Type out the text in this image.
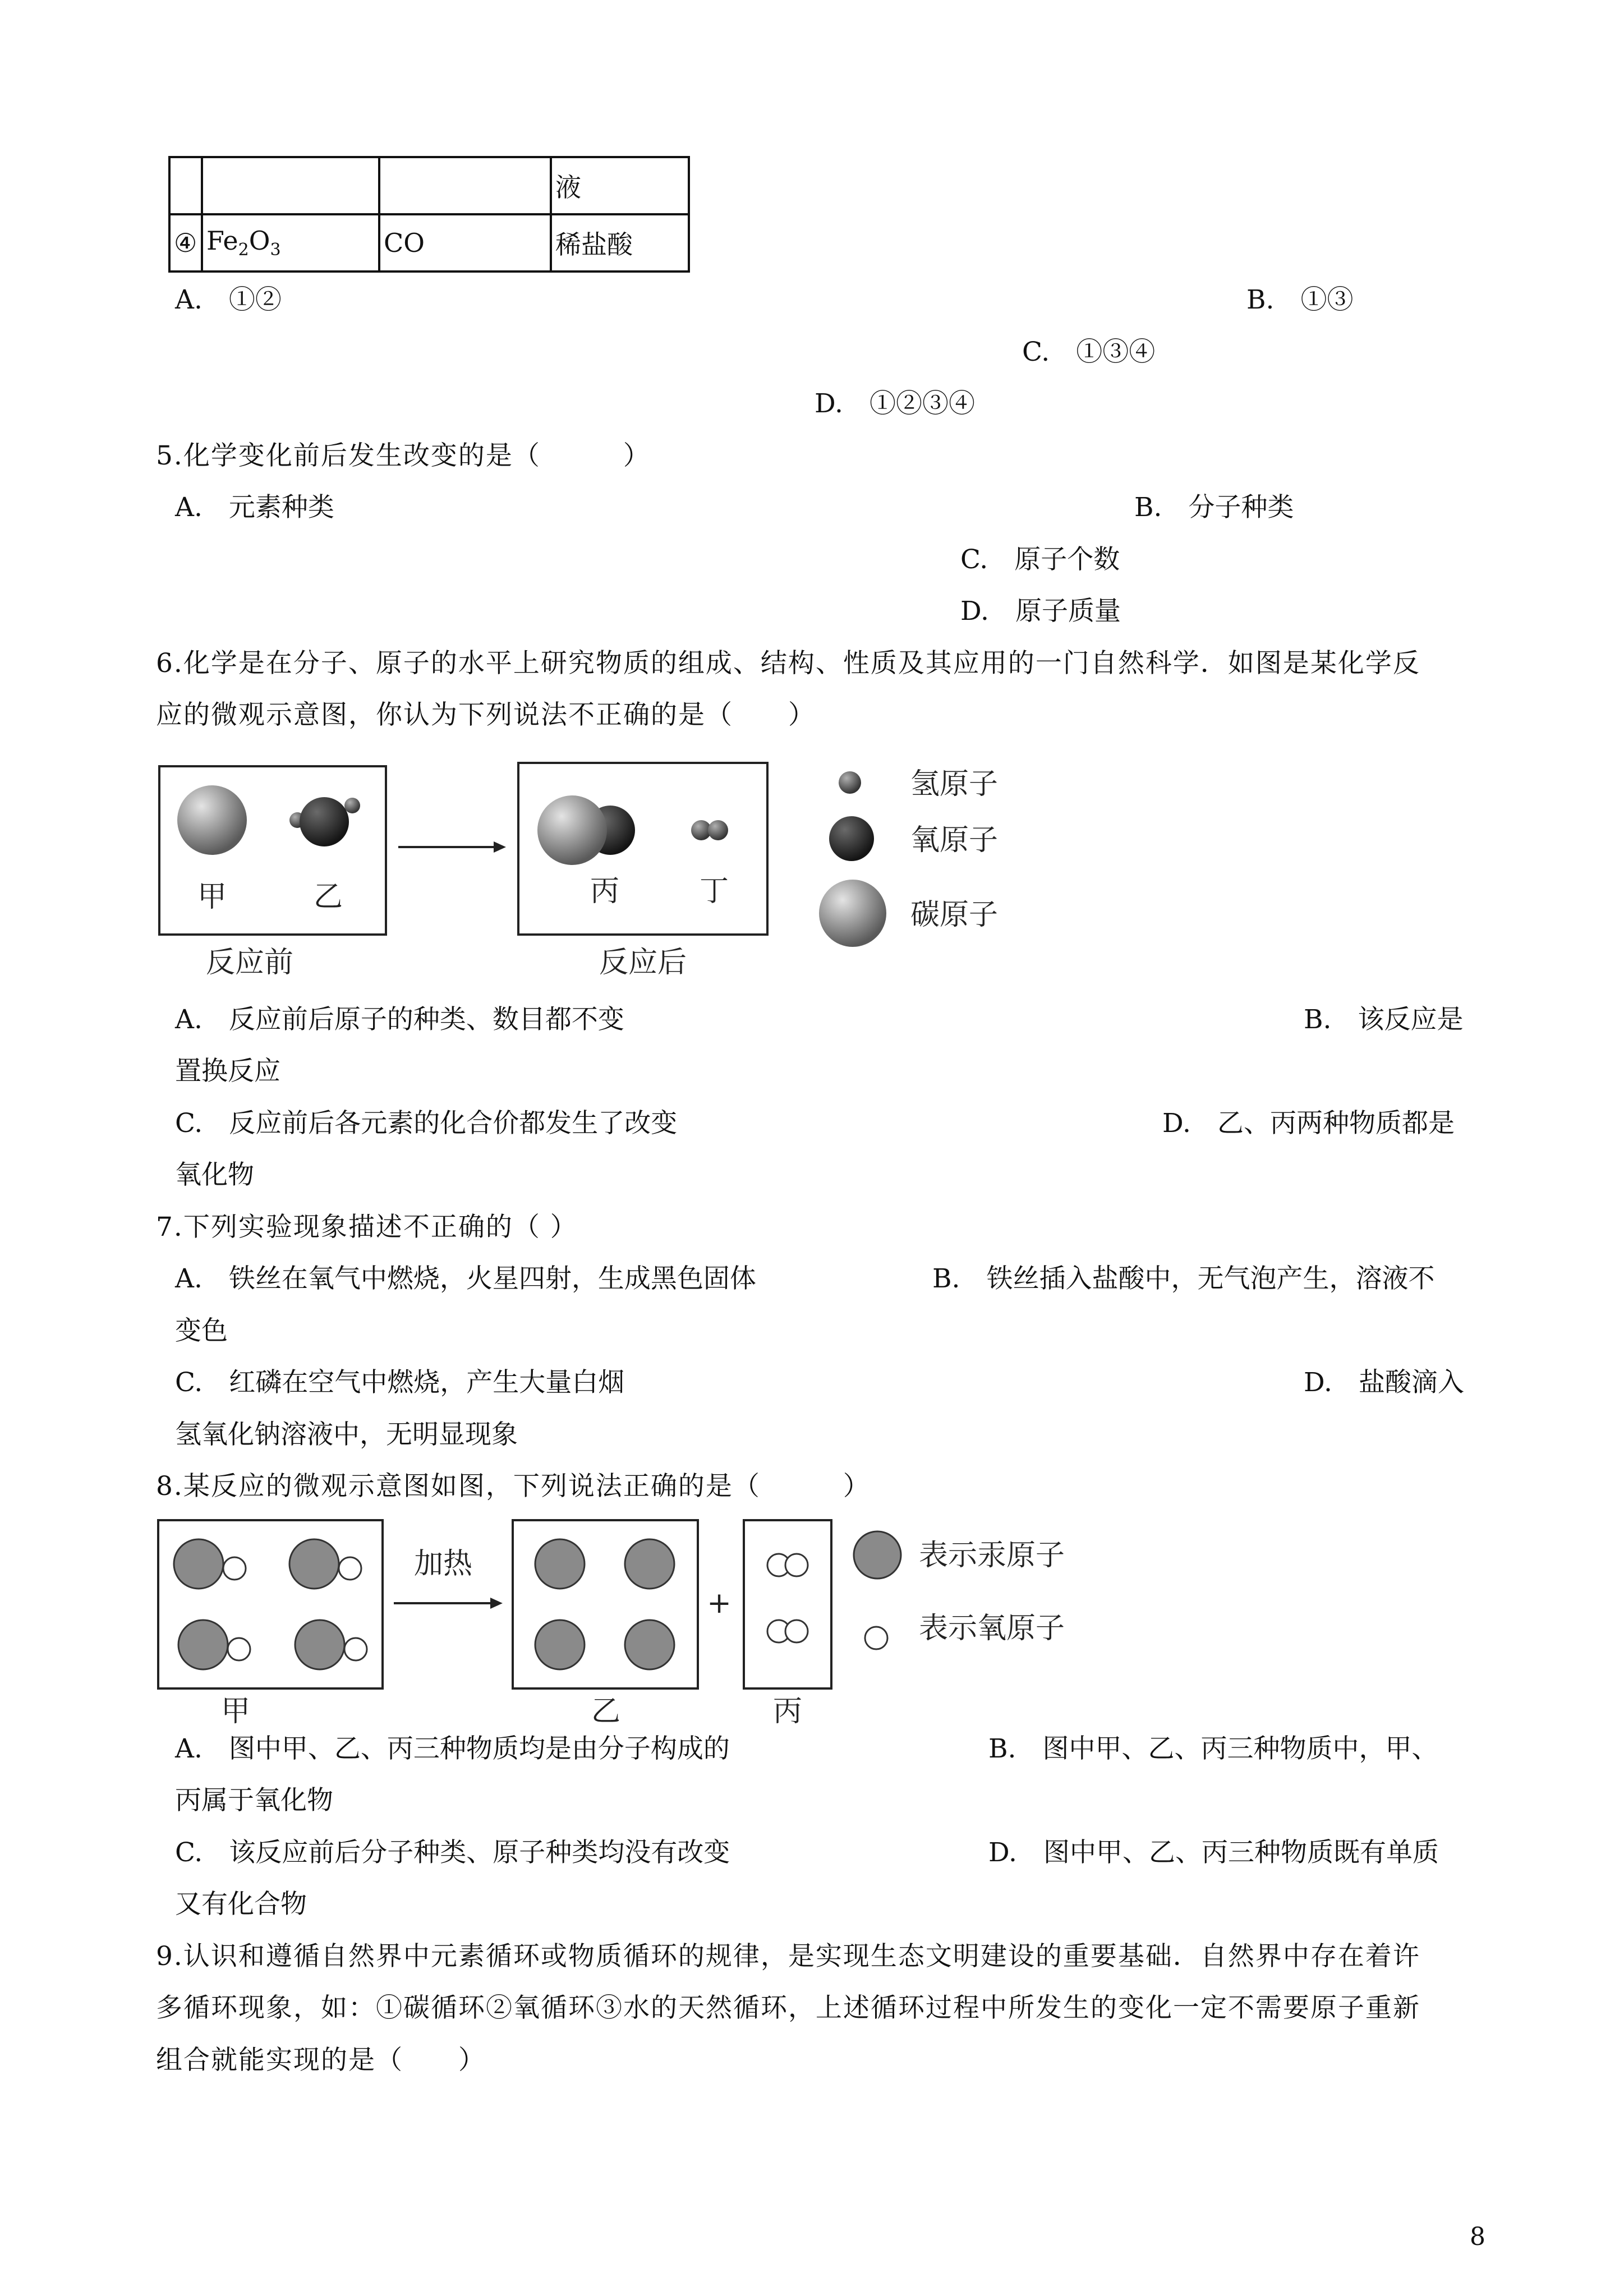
			液
④	$Fe_2O_3$	CO	稀盐酸
A.　①②	B.　①③
C.　①③④
D.　①②③④
5.化学变化前后发生改变的是（　　　）
A.　元素种类	B.　分子种类
C.　原子个数
D.　原子质量
6.化学是在分子、原子的水平上研究物质的组成、结构、性质及其应用的一门自然科学．如图是某化学反
应的微观示意图，你认为下列说法不正确的是（　　）
甲	乙
反应前
丙	丁
反应后
氢原子
氧原子
碳原子
A.　反应前后原子的种类、数目都不变	B.　该反应是
置换反应
C.　反应前后各元素的化合价都发生了改变	D.　乙、丙两种物质都是
氧化物
7.下列实验现象描述不正确的（ ）
A.　铁丝在氧气中燃烧，火星四射，生成黑色固体	B.　铁丝插入盐酸中，无气泡产生，溶液不
变色
C.　红磷在空气中燃烧，产生大量白烟	D.　盐酸滴入
氢氧化钠溶液中，无明显现象
8.某反应的微观示意图如图，下列说法正确的是（　　　）
甲
加热
乙
+
丙
表示汞原子
表示氧原子
A.　图中甲、乙、丙三种物质均是由分子构成的	B.　图中甲、乙、丙三种物质中，甲、
丙属于氧化物
C.　该反应前后分子种类、原子种类均没有改变	D.　图中甲、乙、丙三种物质既有单质
又有化合物
9.认识和遵循自然界中元素循环或物质循环的规律，是实现生态文明建设的重要基础．自然界中存在着许
多循环现象，如：①碳循环②氧循环③水的天然循环，上述循环过程中所发生的变化一定不需要原子重新
组合就能实现的是（　　）
8
